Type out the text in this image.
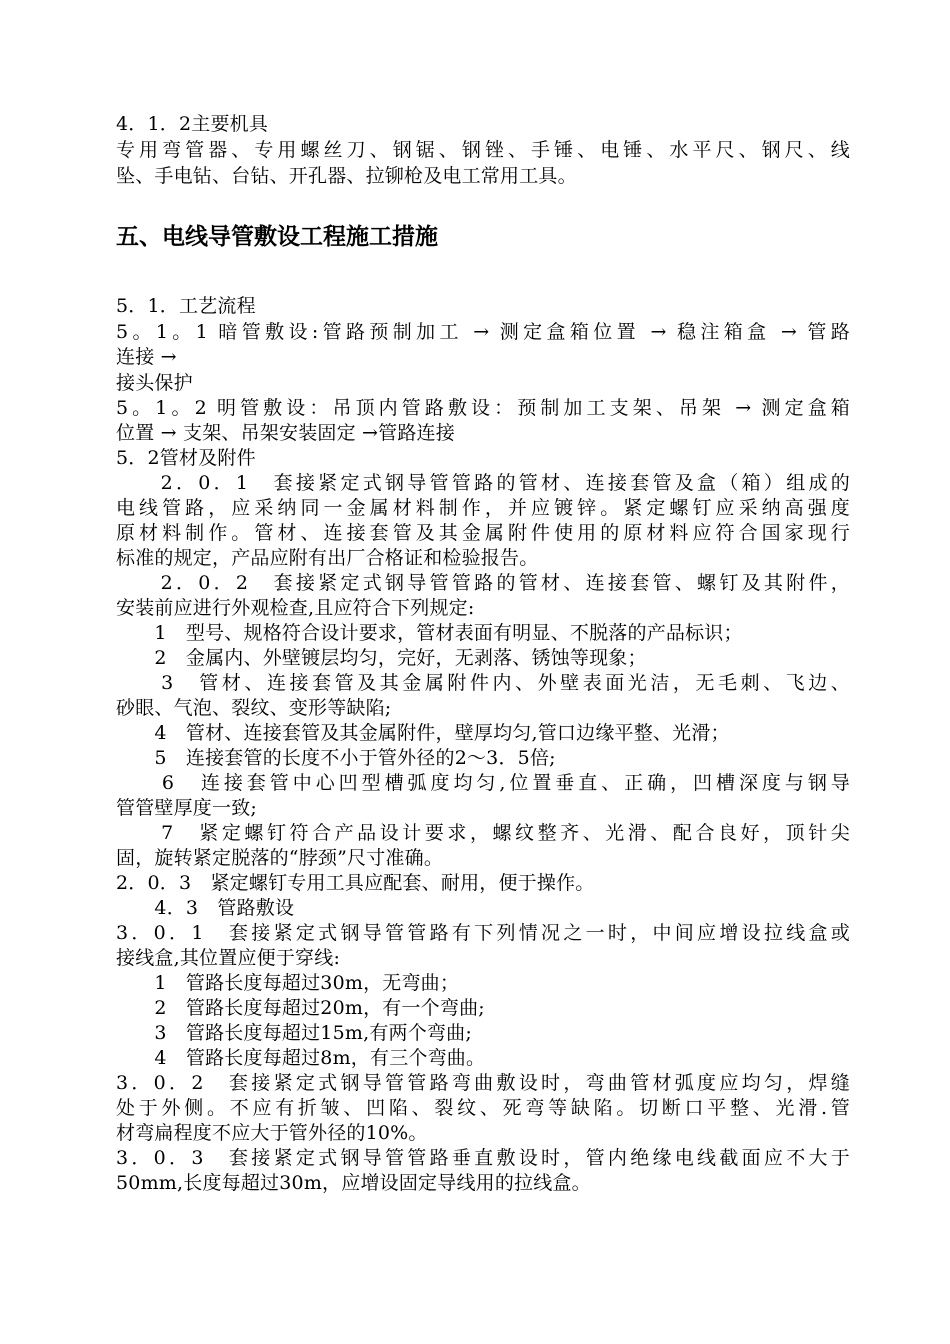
4．1．2主要机具
专用弯管器、专用螺丝刀、钢锯、钢锉、手锤、电锤、水平尺、钢尺、线
坠、手电钻、台钻、开孔器、拉铆枪及电工常用工具。
五、电线导管敷设工程施工措施
5．1．工艺流程
5。1。1 暗管敷设:管路预制加工 → 测定盒箱位置 → 稳注箱盒 → 管路
连接 →
接头保护
5。1。2 明管敷设：吊顶内管路敷设：预制加工支架、吊架 → 测定盒箱
位置 → 支架、吊架安装固定 →管路连接
5．2管材及附件
　　2．0．1　套接紧定式钢导管管路的管材、连接套管及盒（箱）组成的
电线管路，应采纳同一金属材料制作，并应镀锌。紧定螺钉应采纳高强度
原材料制作。管材、连接套管及其金属附件使用的原材料应符合国家现行
标准的规定，产品应附有出厂合格证和检验报告。
　　2．0．2　套接紧定式钢导管管路的管材、连接套管、螺钉及其附件，
安装前应进行外观检查,且应符合下列规定:
　　1　型号、规格符合设计要求，管材表面有明显、不脱落的产品标识；
　　2　金属内、外壁镀层均匀，完好，无剥落、锈蚀等现象；
　　3　管材、连接套管及其金属附件内、外壁表面光洁，无毛刺、飞边、
砂眼、气泡、裂纹、变形等缺陷;
　　4　管材、连接套管及其金属附件，壁厚均匀,管口边缘平整、光滑；
　　5　连接套管的长度不小于管外径的2～3．5倍;
　　6　连接套管中心凹型槽弧度均匀,位置垂直、正确，凹槽深度与钢导
管管壁厚度一致;
　　7　紧定螺钉符合产品设计要求，螺纹整齐、光滑、配合良好，顶针尖
固，旋转紧定脱落的“脖颈”尺寸准确。
2．0．3　紧定螺钉专用工具应配套、耐用，便于操作。
　　4．3　管路敷设
3．0．1　套接紧定式钢导管管路有下列情况之一时，中间应增设拉线盒或
接线盒,其位置应便于穿线:
　　1　管路长度每超过30m，无弯曲；
　　2　管路长度每超过20m，有一个弯曲;
　　3　管路长度每超过15m,有两个弯曲;
　　4　管路长度每超过8m，有三个弯曲。
3．0．2　套接紧定式钢导管管路弯曲敷设时，弯曲管材弧度应均匀，焊缝
处于外侧。不应有折皱、凹陷、裂纹、死弯等缺陷。切断口平整、光滑.管
材弯扁程度不应大于管外径的10%。
3．0．3　套接紧定式钢导管管路垂直敷设时，管内绝缘电线截面应不大于
50mm,长度每超过30m，应增设固定导线用的拉线盒。
